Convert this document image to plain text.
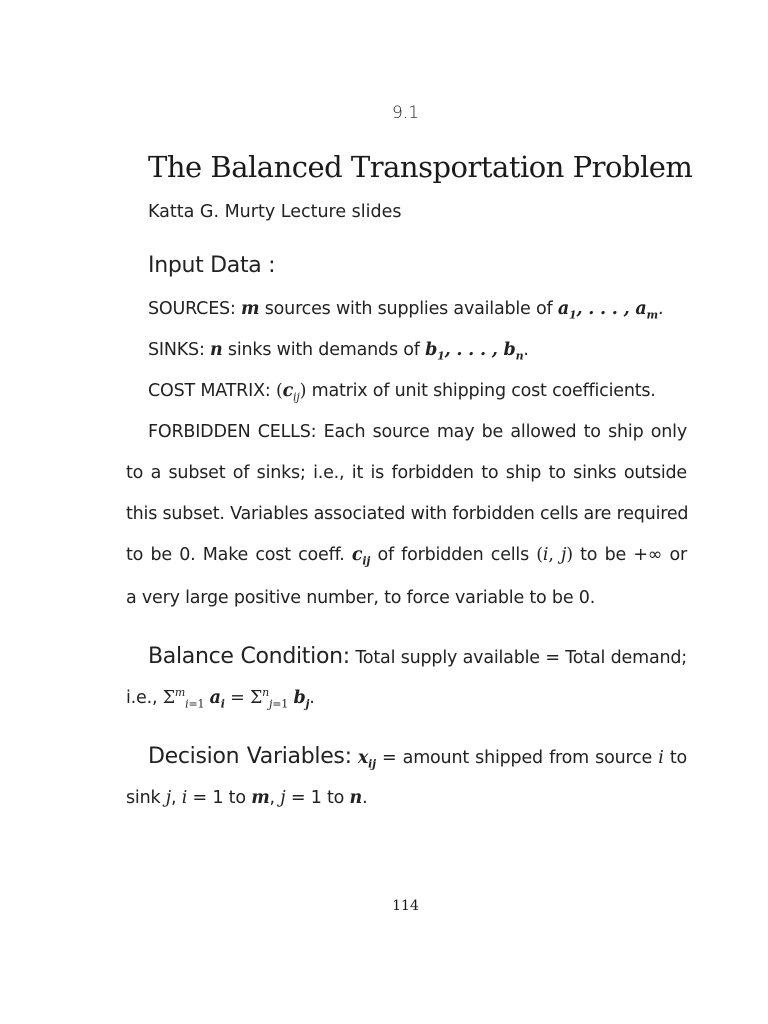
9.1
The Balanced Transportation Problem
Katta G. Murty Lecture slides
Input Data :
SOURCES: m sources with supplies available of $a_1$, . . . , $a_m$.
SINKS: n sinks with demands of $b_1$, . . . , $b_n$.
COST MATRIX: $(c_{ij})$ matrix of unit shipping cost coefficients.
FORBIDDEN CELLS: Each source may be allowed to ship only
to a subset of sinks; i.e., it is forbidden to ship to sinks outside
this subset. Variables associated with forbidden cells are required
to be 0. Make cost coeff. $c_{ij}$ of forbidden cells (i, j) to be +∞ or
a very large positive number, to force variable to be 0.
Balance Condition: Total supply available = Total demand;
i.e., $\Sigma^m_{i=1}$ $a_i = \Sigma^n_{j=1}$ $b_j$.
Decision Variables: $x_{ij}$ = amount shipped from source i to
sink j, i = 1 to m, j = 1 to n.
114
